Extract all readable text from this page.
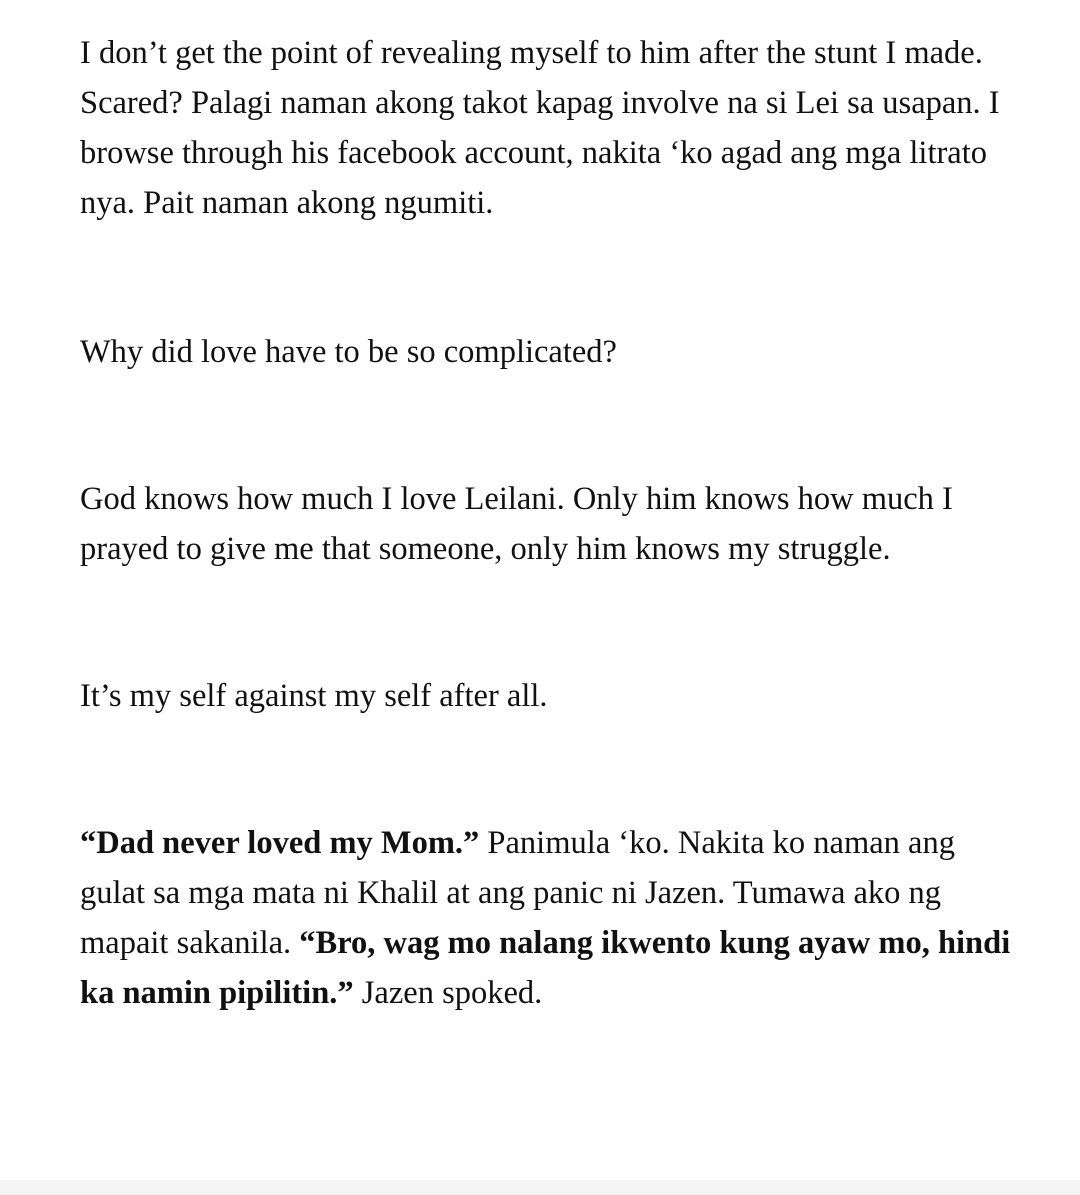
I don’t get the point of revealing myself to him after the stunt I made. Scared? Palagi naman akong takot kapag involve na si Lei sa usapan. I browse through his facebook account, nakita ‘ko agad ang mga litrato nya. Pait naman akong ngumiti.

Why did love have to be so complicated?

God knows how much I love Leilani. Only him knows how much I prayed to give me that someone, only him knows my struggle.

It’s my self against my self after all.

“Dad never loved my Mom.” Panimula ‘ko. Nakita ko naman ang gulat sa mga mata ni Khalil at ang panic ni Jazen. Tumawa ako ng mapait sakanila. “Bro, wag mo nalang ikwento kung ayaw mo, hindi ka namin pipilitin.” Jazen spoked.
